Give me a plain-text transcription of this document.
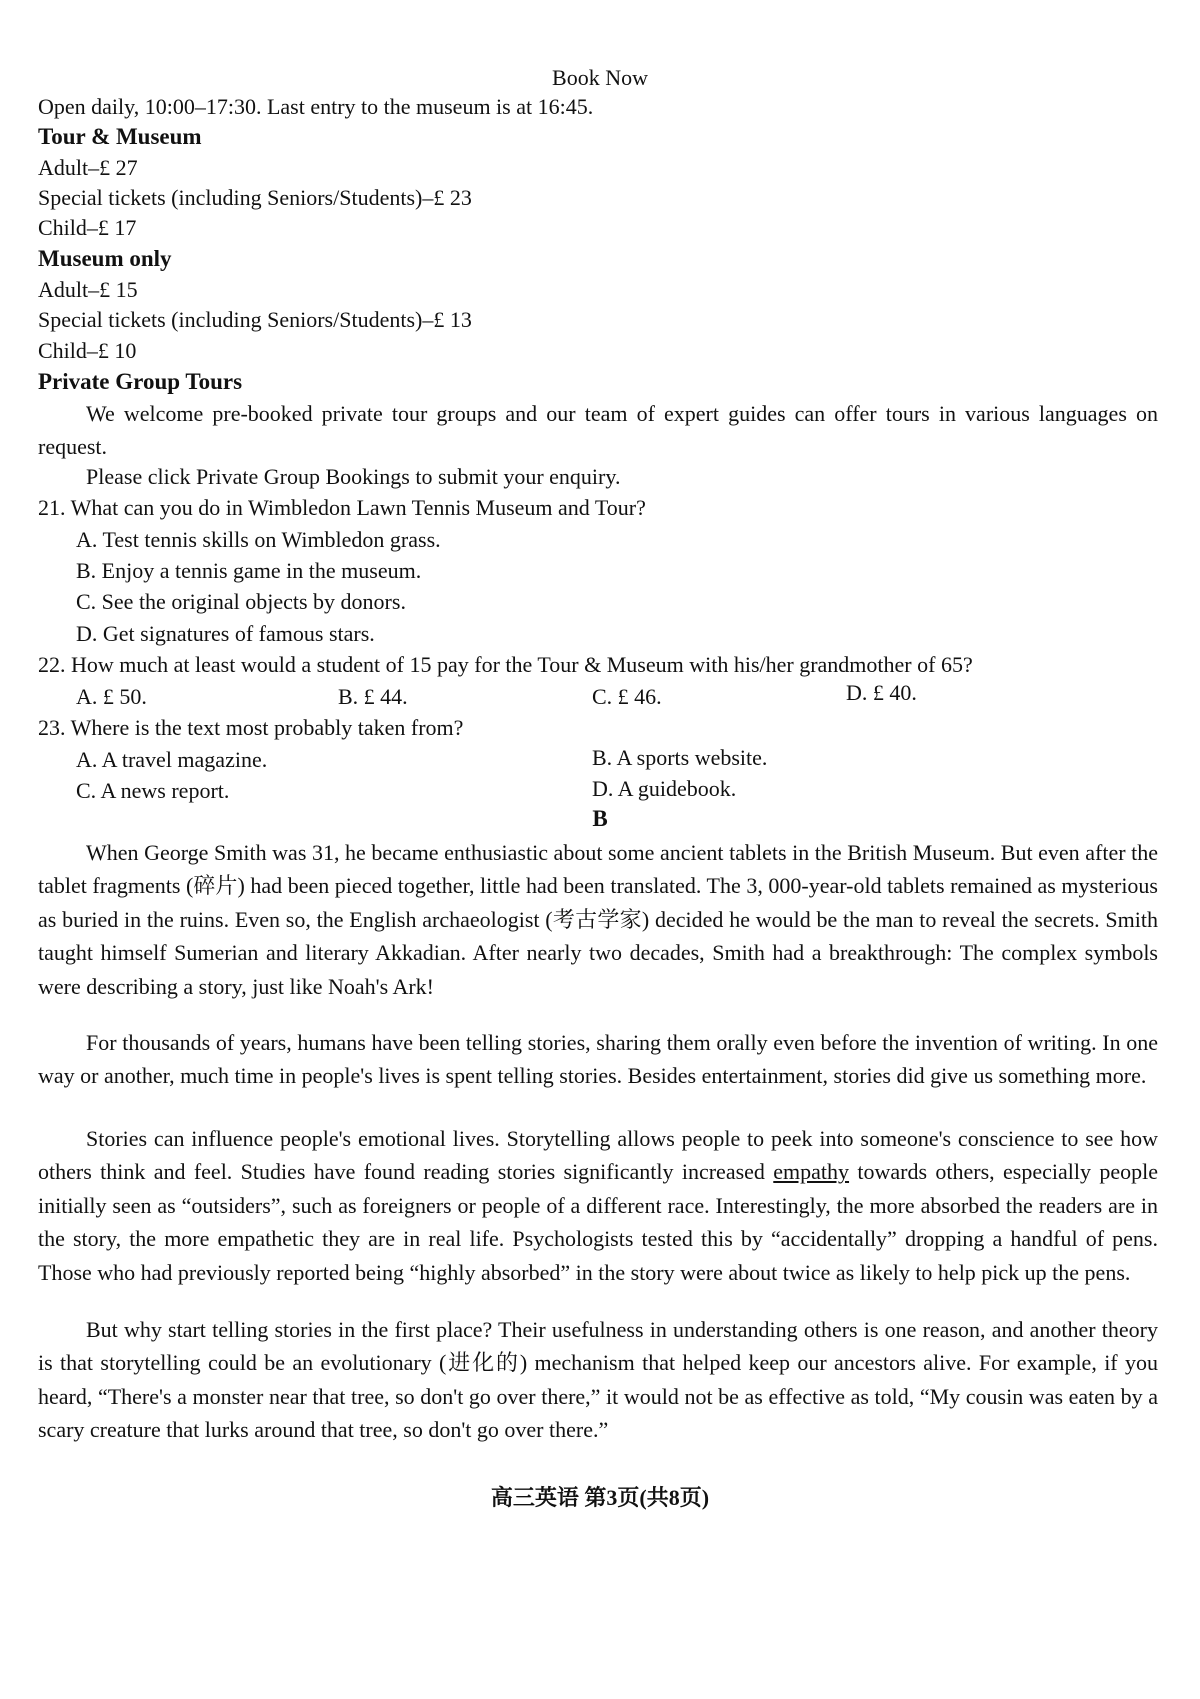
Book Now
Open daily, 10:00–17:30. Last entry to the museum is at 16:45.
Tour & Museum
Adult–£ 27
Special tickets (including Seniors/Students)–£ 23
Child–£ 17
Museum only
Adult–£ 15
Special tickets (including Seniors/Students)–£ 13
Child–£ 10
Private Group Tours
We welcome pre-booked private tour groups and our team of expert guides can offer tours in various languages on request.
Please click Private Group Bookings to submit your enquiry.
21. What can you do in Wimbledon Lawn Tennis Museum and Tour?
A. Test tennis skills on Wimbledon grass.
B. Enjoy a tennis game in the museum.
C. See the original objects by donors.
D. Get signatures of famous stars.
22. How much at least would a student of 15 pay for the Tour & Museum with his/her grandmother of 65?
A. £ 50.	B. £ 44.	C. £ 46.	D. £ 40.
23. Where is the text most probably taken from?
A. A travel magazine.	B. A sports website.
C. A news report.	D. A guidebook.
B
When George Smith was 31, he became enthusiastic about some ancient tablets in the British Museum. But even after the tablet fragments (碎片) had been pieced together, little had been translated. The 3, 000-year-old tablets remained as mysterious as buried in the ruins. Even so, the English archaeologist (考古学家) decided he would be the man to reveal the secrets. Smith taught himself Sumerian and literary Akkadian. After nearly two decades, Smith had a breakthrough: The complex symbols were describing a story, just like Noah's Ark!
For thousands of years, humans have been telling stories, sharing them orally even before the invention of writing. In one way or another, much time in people's lives is spent telling stories. Besides entertainment, stories did give us something more.
Stories can influence people's emotional lives. Storytelling allows people to peek into someone's conscience to see how others think and feel. Studies have found reading stories significantly increased empathy towards others, especially people initially seen as “outsiders”, such as foreigners or people of a different race. Interestingly, the more absorbed the readers are in the story, the more empathetic they are in real life. Psychologists tested this by “accidentally” dropping a handful of pens. Those who had previously reported being “highly absorbed” in the story were about twice as likely to help pick up the pens.
But why start telling stories in the first place? Their usefulness in understanding others is one reason, and another theory is that storytelling could be an evolutionary (进化的) mechanism that helped keep our ancestors alive. For example, if you heard, “There's a monster near that tree, so don't go over there,” it would not be as effective as told, “My cousin was eaten by a scary creature that lurks around that tree, so don't go over there.”
高三英语 第3页(共8页)
